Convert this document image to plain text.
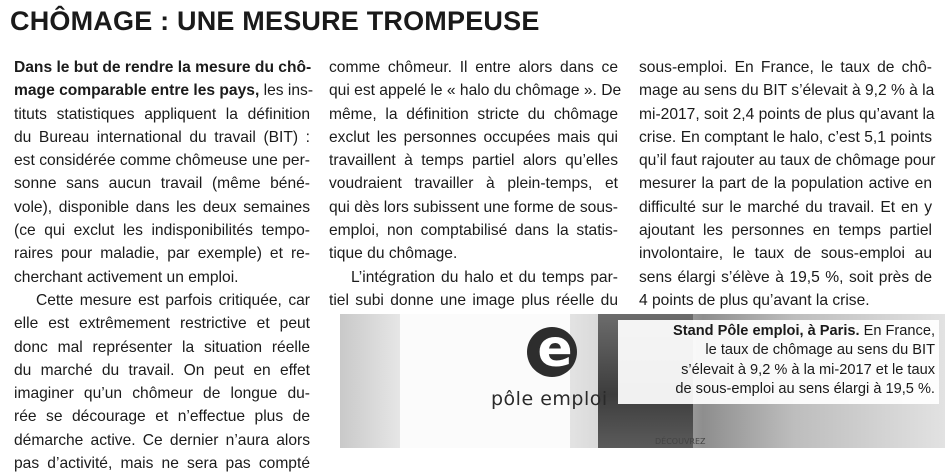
CHÔMAGE : UNE MESURE TROMPEUSE

Dans le but de rendre la mesure du chô-
mage comparable entre les pays, les ins-
tituts statistiques appliquent la définition
du Bureau international du travail (BIT) :
est considérée comme chômeuse une per-
sonne sans aucun travail (même béné-
vole), disponible dans les deux semaines
(ce qui exclut les indisponibilités tempo-
raires pour maladie, par exemple) et re-
cherchant activement un emploi.

Cette mesure est parfois critiquée, car
elle est extrêmement restrictive et peut
donc mal représenter la situation réelle
du marché du travail. On peut en effet
imaginer qu’un chômeur de longue du-
rée se décourage et n’effectue plus de
démarche active. Ce dernier n’aura alors
pas d’activité, mais ne sera pas compté

comme chômeur. Il entre alors dans ce
qui est appelé le « halo du chômage ». De
même, la définition stricte du chômage
exclut les personnes occupées mais qui
travaillent à temps partiel alors qu’elles
voudraient travailler à plein-temps, et
qui dès lors subissent une forme de sous-
emploi, non comptabilisé dans la statis-
tique du chômage.

L’intégration du halo et du temps par-
tiel subi donne une image plus réelle du

sous-emploi. En France, le taux de chô-
mage au sens du BIT s’élevait à 9,2 % à la
mi-2017, soit 2,4 points de plus qu’avant la
crise. En comptant le halo, c’est 5,1 points
qu’il faut rajouter au taux de chômage pour
mesurer la part de la population active en
difficulté sur le marché du travail. Et en y
ajoutant les personnes en temps partiel
involontaire, le taux de sous-emploi au
sens élargi s’élève à 19,5 %, soit près de
4 points de plus qu’avant la crise.

e
pôle emploi
DÉCOUVREZ
Stand Pôle emploi, à Paris. En France,
le taux de chômage au sens du BIT
s’élevait à 9,2 % à la mi-2017 et le taux
de sous-emploi au sens élargi à 19,5 %.
